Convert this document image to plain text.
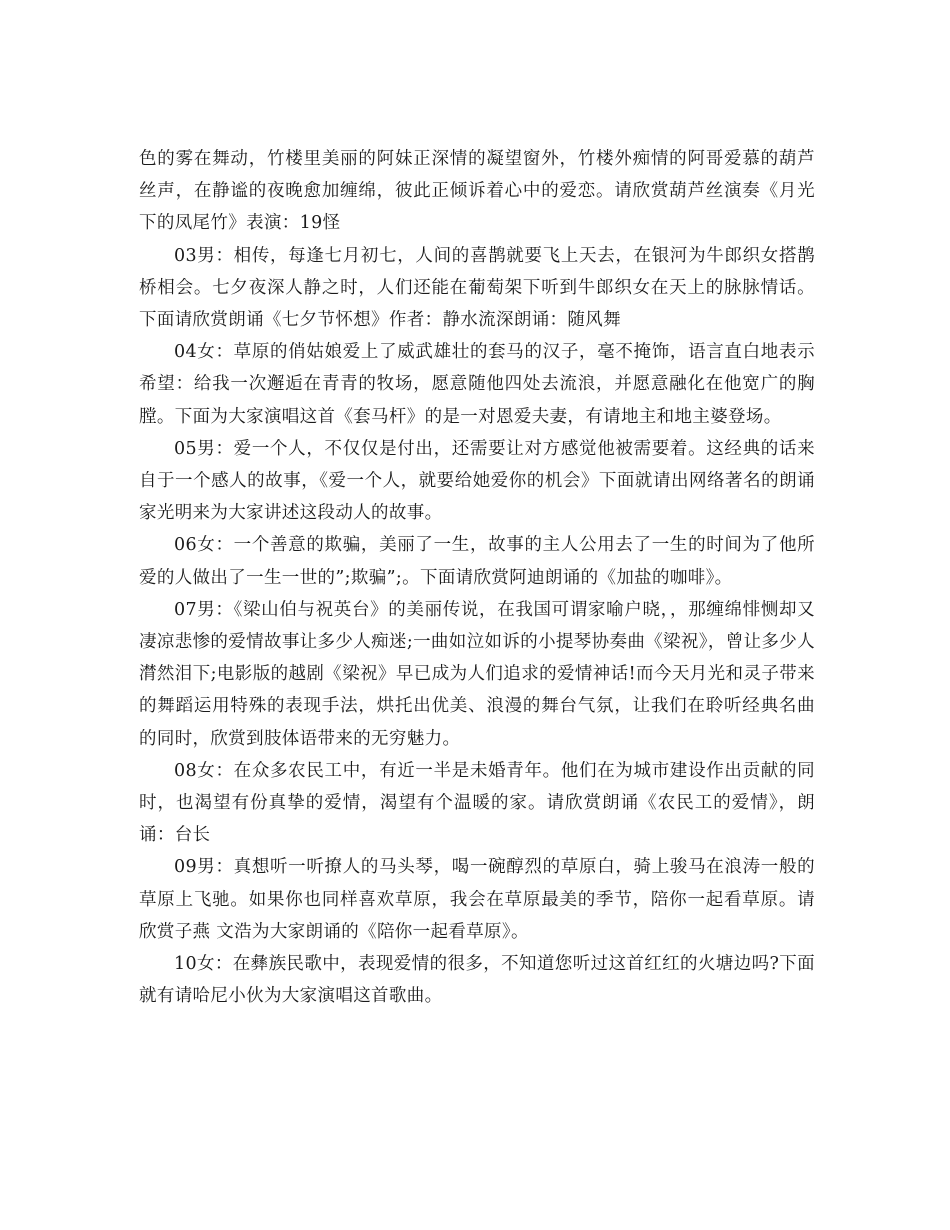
色的雾在舞动，竹楼里美丽的阿妹正深情的凝望窗外，竹楼外痴情的阿哥爱慕的葫芦丝声，在静谧的夜晚愈加缠绵，彼此正倾诉着心中的爱恋。请欣赏葫芦丝演奏《月光下的凤尾竹》表演：19怪

03男：相传，每逢七月初七，人间的喜鹊就要飞上天去，在银河为牛郎织女搭鹊桥相会。七夕夜深人静之时，人们还能在葡萄架下听到牛郎织女在天上的脉脉情话。下面请欣赏朗诵《七夕节怀想》作者：静水流深朗诵：随风舞

04女：草原的俏姑娘爱上了威武雄壮的套马的汉子，毫不掩饰，语言直白地表示希望：给我一次邂逅在青青的牧场，愿意随他四处去流浪，并愿意融化在他宽广的胸膛。下面为大家演唱这首《套马杆》的是一对恩爱夫妻，有请地主和地主婆登场。

05男：爱一个人，不仅仅是付出，还需要让对方感觉他被需要着。这经典的话来自于一个感人的故事，《爱一个人，就要给她爱你的机会》下面就请出网络著名的朗诵家光明来为大家讲述这段动人的故事。

06女：一个善意的欺骗，美丽了一生，故事的主人公用去了一生的时间为了他所爱的人做出了一生一世的”;欺骗”;。下面请欣赏阿迪朗诵的《加盐的咖啡》。

07男：《梁山伯与祝英台》的美丽传说，在我国可谓家喻户晓，，那缠绵悱恻却又凄凉悲惨的爱情故事让多少人痴迷;一曲如泣如诉的小提琴协奏曲《梁祝》，曾让多少人潸然泪下;电影版的越剧《梁祝》早已成为人们追求的爱情神话!而今天月光和灵子带来的舞蹈运用特殊的表现手法，烘托出优美、浪漫的舞台气氛，让我们在聆听经典名曲的同时，欣赏到肢体语带来的无穷魅力。

08女：在众多农民工中，有近一半是未婚青年。他们在为城市建设作出贡献的同时，也渴望有份真挚的爱情，渴望有个温暖的家。请欣赏朗诵《农民工的爱情》，朗诵：台长

09男：真想听一听撩人的马头琴，喝一碗醇烈的草原白，骑上骏马在浪涛一般的草原上飞驰。如果你也同样喜欢草原，我会在草原最美的季节，陪你一起看草原。请欣赏子燕 文浩为大家朗诵的《陪你一起看草原》。

10女：在彝族民歌中，表现爱情的很多，不知道您听过这首红红的火塘边吗?下面就有请哈尼小伙为大家演唱这首歌曲。
